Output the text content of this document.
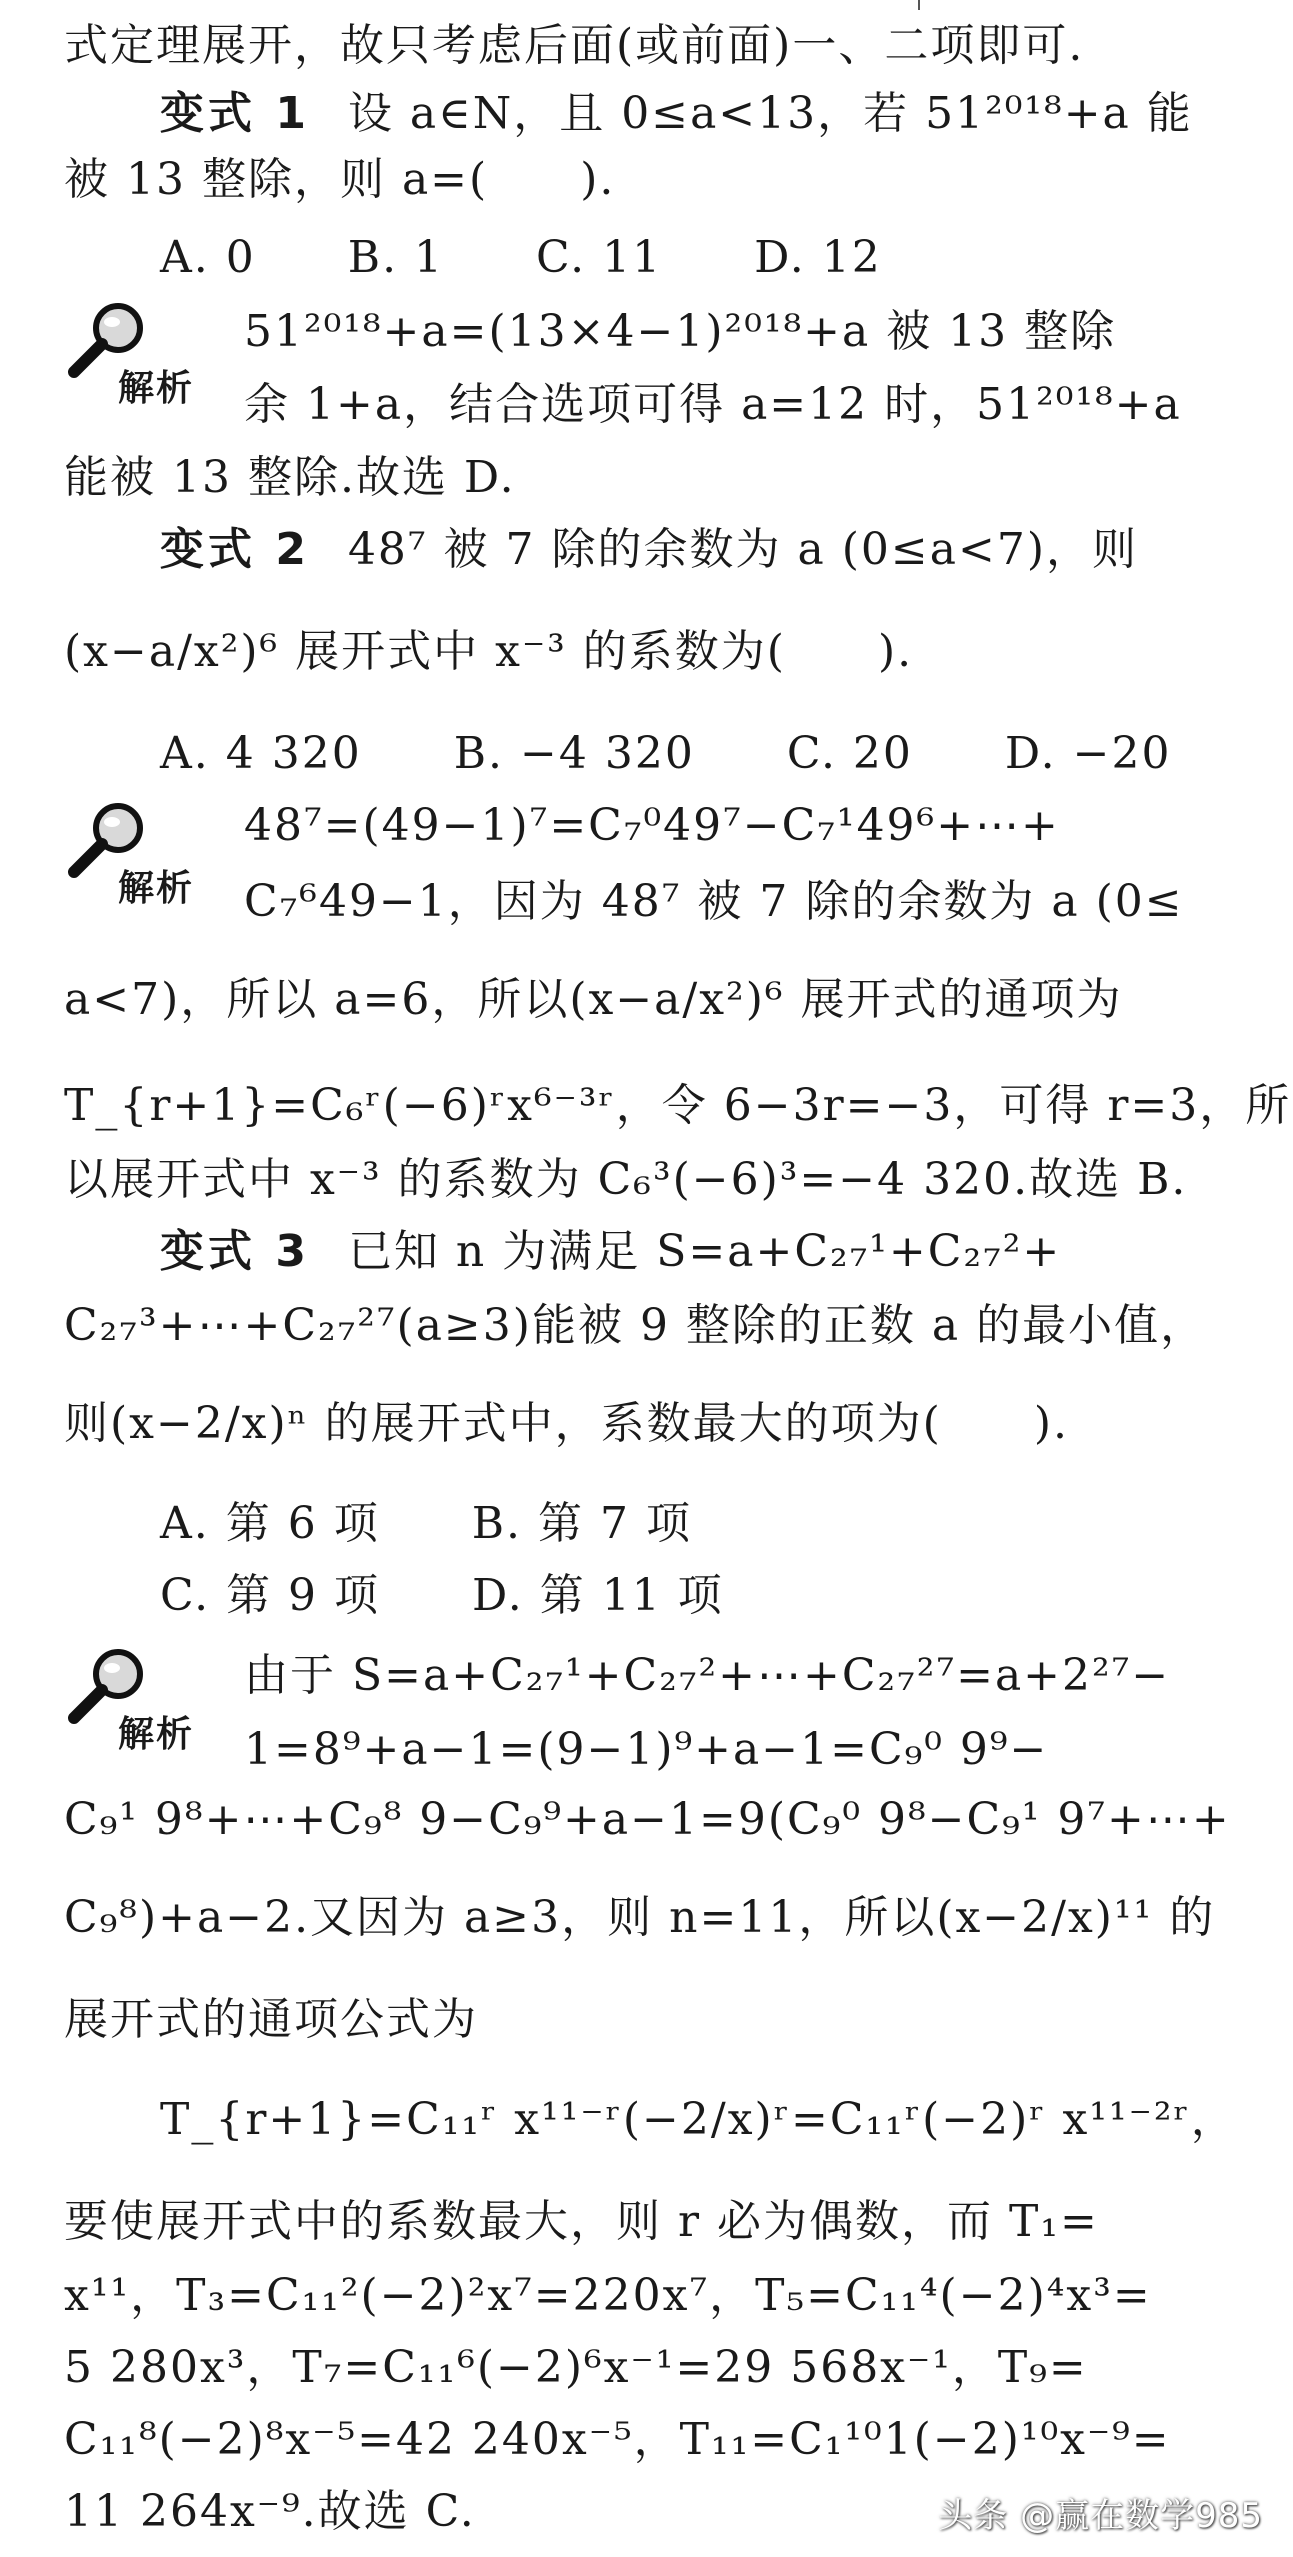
式定理展开，故只考虑后面(或前面)一、二项即可.
变式 1 设 a∈N，且 0≤a<13，若 51²⁰¹⁸+a 能
被 13 整除，则 a=(　　).
A. 0　　B. 1　　C. 11　　D. 12
解析
51²⁰¹⁸+a=(13×4−1)²⁰¹⁸+a 被 13 整除
余 1+a，结合选项可得 a=12 时，51²⁰¹⁸+a
能被 13 整除.故选 D.
变式 2 48⁷ 被 7 除的余数为 a (0≤a<7)，则
(x−a/x²)⁶ 展开式中 x⁻³ 的系数为(　　).
A. 4 320　　B. −4 320　　C. 20　　D. −20
解析
48⁷=(49−1)⁷=C₇⁰49⁷−C₇¹49⁶+⋯+
C₇⁶49−1，因为 48⁷ 被 7 除的余数为 a (0≤
a<7)，所以 a=6，所以(x−a/x²)⁶ 展开式的通项为
T_{r+1}=C₆ʳ(−6)ʳx⁶⁻³ʳ，令 6−3r=−3，可得 r=3，所
以展开式中 x⁻³ 的系数为 C₆³(−6)³=−4 320.故选 B.
变式 3 已知 n 为满足 S=a+C₂₇¹+C₂₇²+
C₂₇³+⋯+C₂₇²⁷(a≥3)能被 9 整除的正数 a 的最小值，
则(x−2/x)ⁿ 的展开式中，系数最大的项为(　　).
A. 第 6 项　　B. 第 7 项
C. 第 9 项　　D. 第 11 项
解析
由于 S=a+C₂₇¹+C₂₇²+⋯+C₂₇²⁷=a+2²⁷−
1=8⁹+a−1=(9−1)⁹+a−1=C₉⁰ 9⁹−
C₉¹ 9⁸+⋯+C₉⁸ 9−C₉⁹+a−1=9(C₉⁰ 9⁸−C₉¹ 9⁷+⋯+
C₉⁸)+a−2.又因为 a≥3，则 n=11，所以(x−2/x)¹¹ 的
展开式的通项公式为
T_{r+1}=C₁₁ʳ x¹¹⁻ʳ(−2/x)ʳ=C₁₁ʳ(−2)ʳ x¹¹⁻²ʳ，
要使展开式中的系数最大，则 r 必为偶数，而 T₁=
x¹¹，T₃=C₁₁²(−2)²x⁷=220x⁷，T₅=C₁₁⁴(−2)⁴x³=
5 280x³，T₇=C₁₁⁶(−2)⁶x⁻¹=29 568x⁻¹，T₉=
C₁₁⁸(−2)⁸x⁻⁵=42 240x⁻⁵，T₁₁=C₁¹⁰1(−2)¹⁰x⁻⁹=
11 264x⁻⁹.故选 C.	头条 @赢在数学985
